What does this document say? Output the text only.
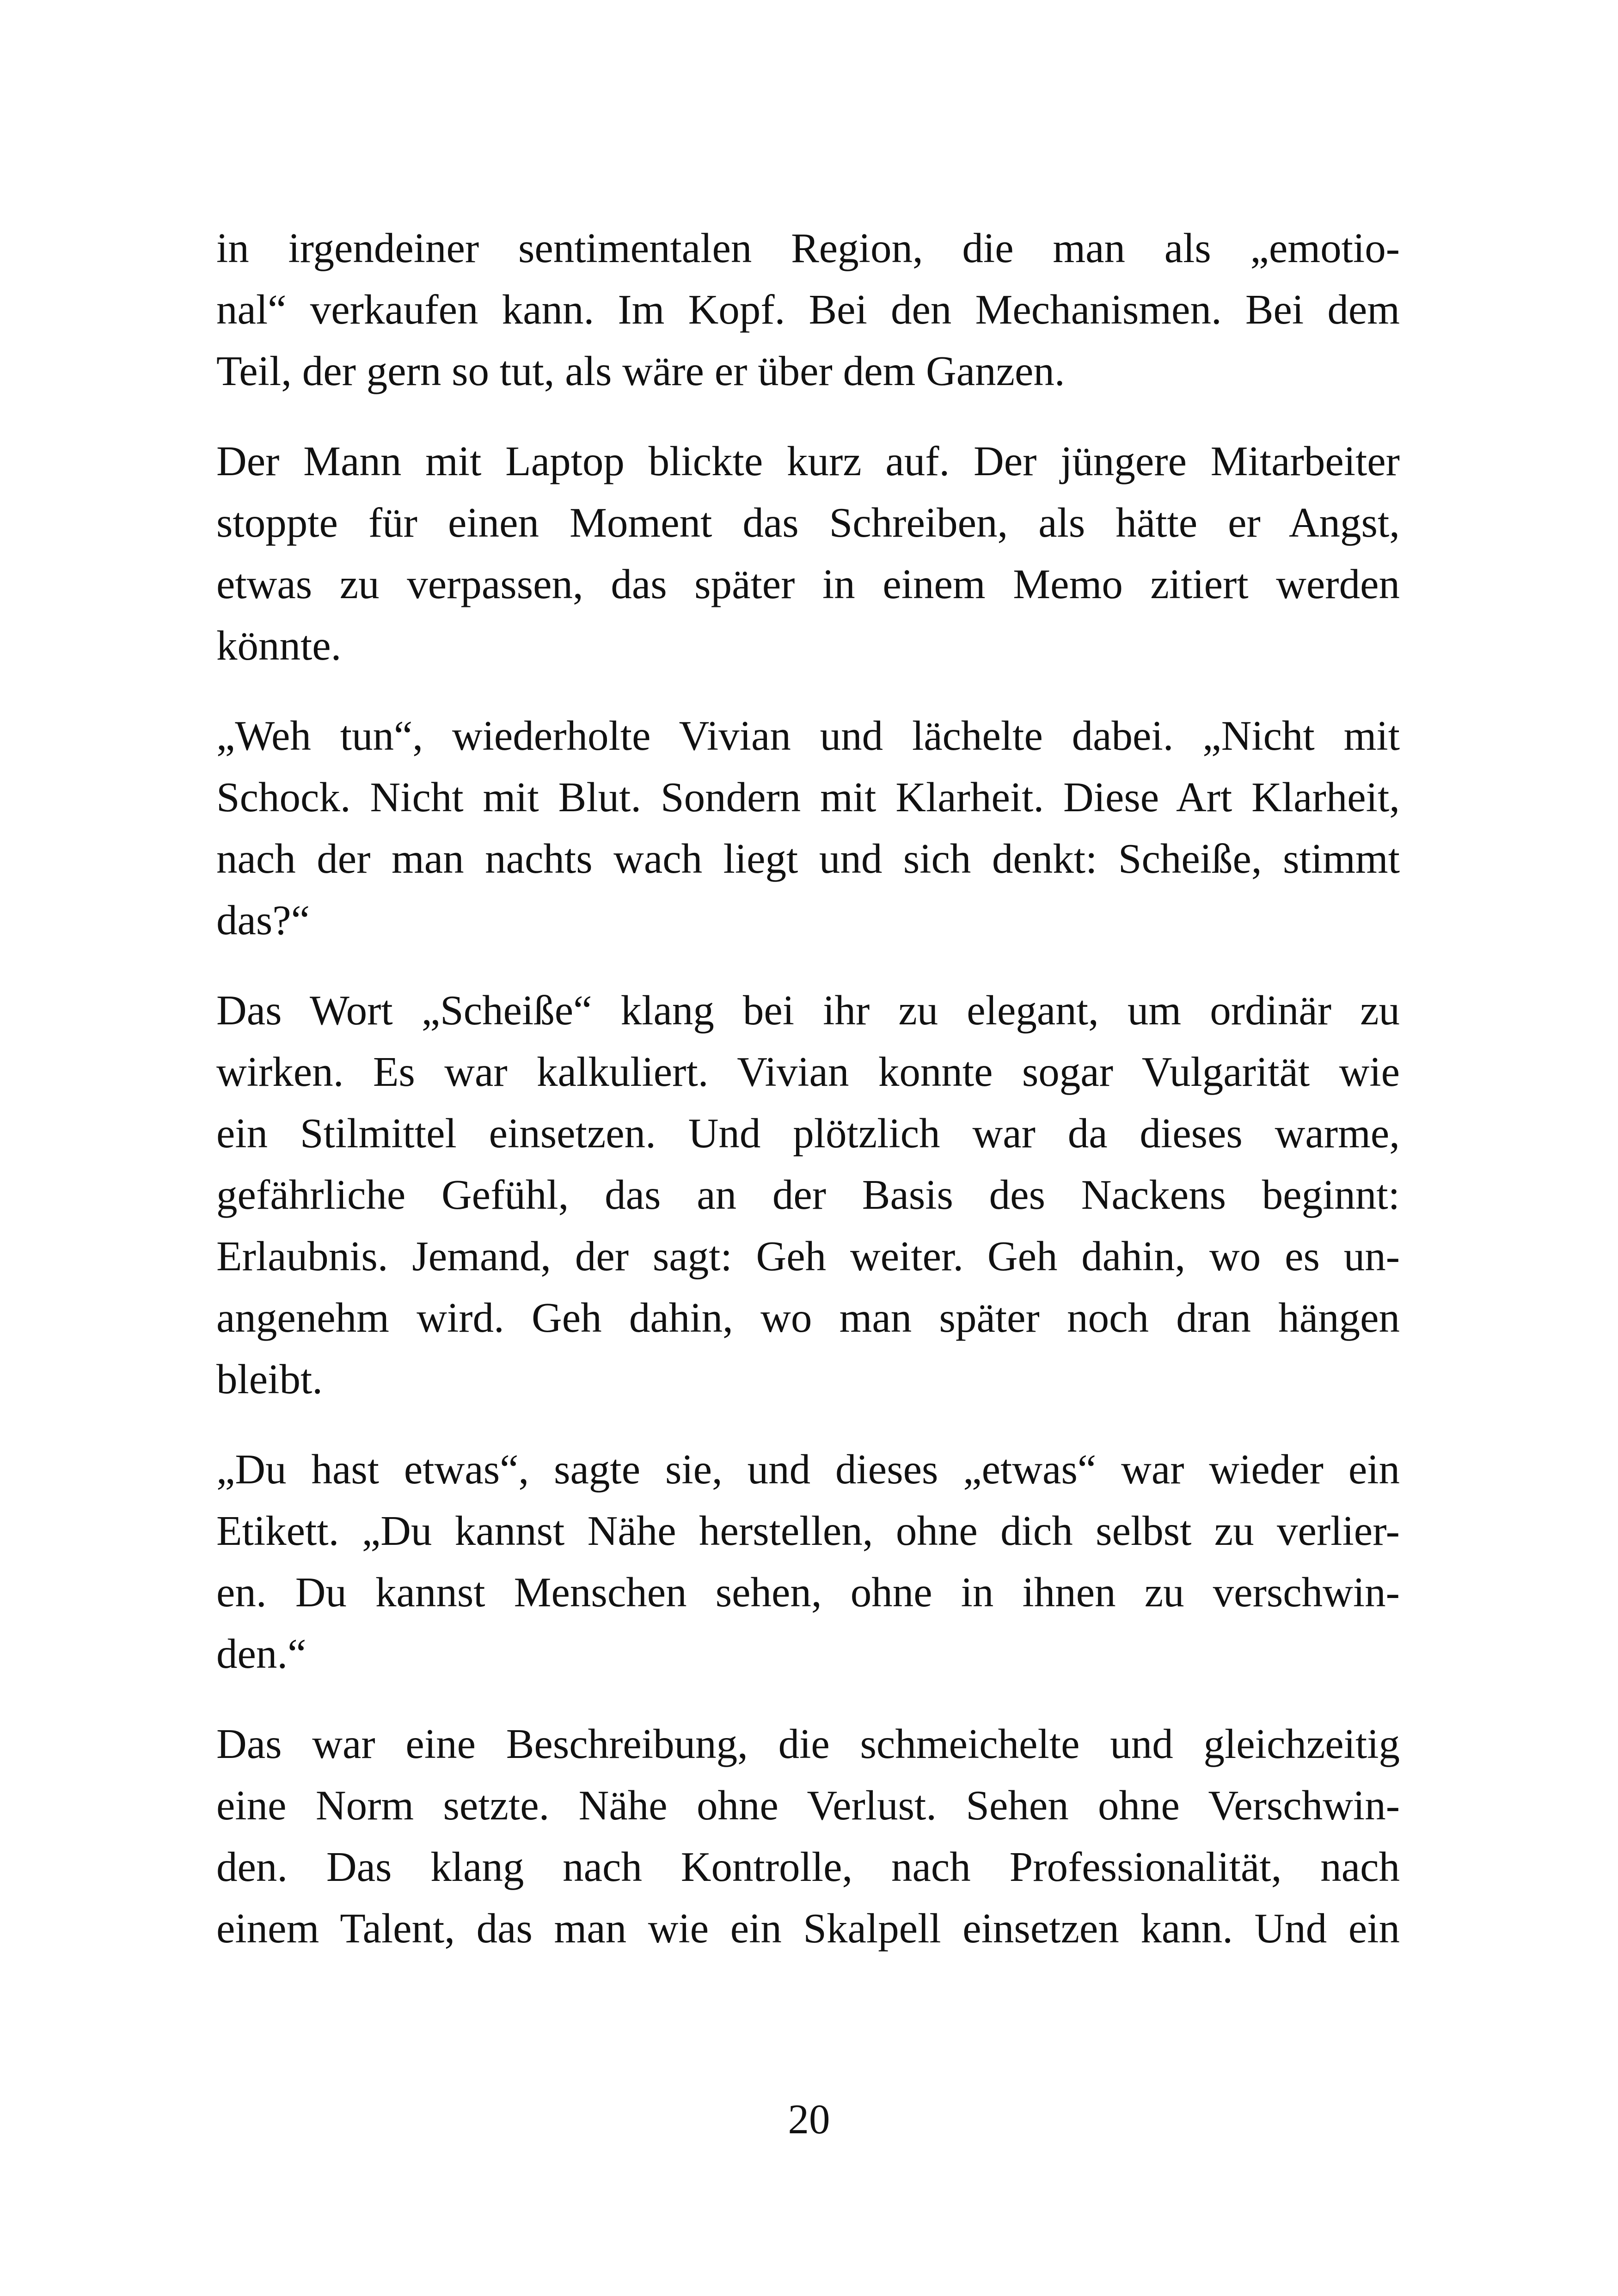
in irgendeiner sentimentalen Region, die man als „emotio-
nal“ verkaufen kann. Im Kopf. Bei den Mechanismen. Bei dem
Teil, der gern so tut, als wäre er über dem Ganzen.
Der Mann mit Laptop blickte kurz auf. Der jüngere Mitarbeiter
stoppte für einen Moment das Schreiben, als hätte er Angst,
etwas zu verpassen, das später in einem Memo zitiert werden
könnte.
„Weh tun“, wiederholte Vivian und lächelte dabei. „Nicht mit
Schock. Nicht mit Blut. Sondern mit Klarheit. Diese Art Klarheit,
nach der man nachts wach liegt und sich denkt: Scheiße, stimmt
das?“
Das Wort „Scheiße“ klang bei ihr zu elegant, um ordinär zu
wirken. Es war kalkuliert. Vivian konnte sogar Vulgarität wie
ein Stilmittel einsetzen. Und plötzlich war da dieses warme,
gefährliche Gefühl, das an der Basis des Nackens beginnt:
Erlaubnis. Jemand, der sagt: Geh weiter. Geh dahin, wo es un-
angenehm wird. Geh dahin, wo man später noch dran hängen
bleibt.
„Du hast etwas“, sagte sie, und dieses „etwas“ war wieder ein
Etikett. „Du kannst Nähe herstellen, ohne dich selbst zu verlier-
en. Du kannst Menschen sehen, ohne in ihnen zu verschwin-
den.“
Das war eine Beschreibung, die schmeichelte und gleichzeitig
eine Norm setzte. Nähe ohne Verlust. Sehen ohne Verschwin-
den. Das klang nach Kontrolle, nach Professionalität, nach
einem Talent, das man wie ein Skalpell einsetzen kann. Und ein
20
